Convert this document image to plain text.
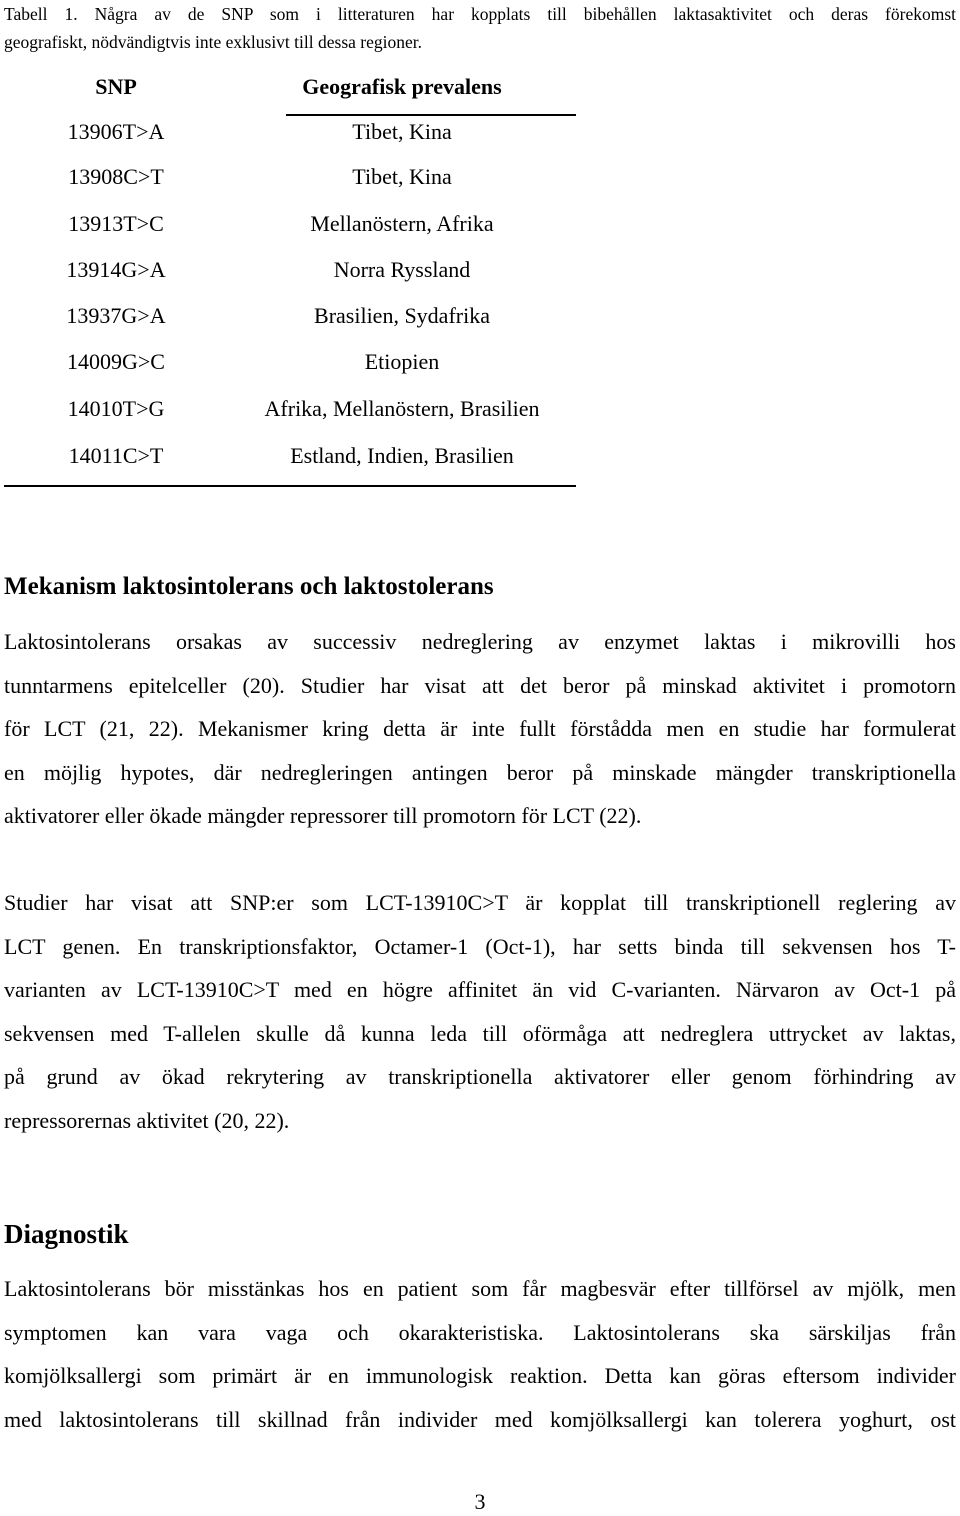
Tabell 1. Några av de SNP som i litteraturen har kopplats till bibehållen laktasaktivitet och deras förekomst
geografiskt, nödvändigtvis inte exklusivt till dessa regioner.
SNP	Geografisk prevalens
13906T>A	Tibet, Kina
13908C>T	Tibet, Kina
13913T>C	Mellanöstern, Afrika
13914G>A	Norra Ryssland
13937G>A	Brasilien, Sydafrika
14009G>C	Etiopien
14010T>G	Afrika, Mellanöstern, Brasilien
14011C>T	Estland, Indien, Brasilien
Mekanism laktosintolerans och laktostolerans
Laktosintolerans orsakas av successiv nedreglering av enzymet laktas i mikrovilli hos
tunntarmens epitelceller (20). Studier har visat att det beror på minskad aktivitet i promotorn
för LCT (21, 22). Mekanismer kring detta är inte fullt förstådda men en studie har formulerat
en möjlig hypotes, där nedregleringen antingen beror på minskade mängder transkriptionella
aktivatorer eller ökade mängder repressorer till promotorn för LCT (22).
Studier har visat att SNP:er som LCT-13910C>T är kopplat till transkriptionell reglering av
LCT genen. En transkriptionsfaktor, Octamer-1 (Oct-1), har setts binda till sekvensen hos T-
varianten av LCT-13910C>T med en högre affinitet än vid C-varianten. Närvaron av Oct-1 på
sekvensen med T-allelen skulle då kunna leda till oförmåga att nedreglera uttrycket av laktas,
på grund av ökad rekrytering av transkriptionella aktivatorer eller genom förhindring av
repressorernas aktivitet (20, 22).
Diagnostik
Laktosintolerans bör misstänkas hos en patient som får magbesvär efter tillförsel av mjölk, men
symptomen kan vara vaga och okarakteristiska. Laktosintolerans ska särskiljas från
komjölksallergi som primärt är en immunologisk reaktion. Detta kan göras eftersom individer
med laktosintolerans till skillnad från individer med komjölksallergi kan tolerera yoghurt, ost
3
